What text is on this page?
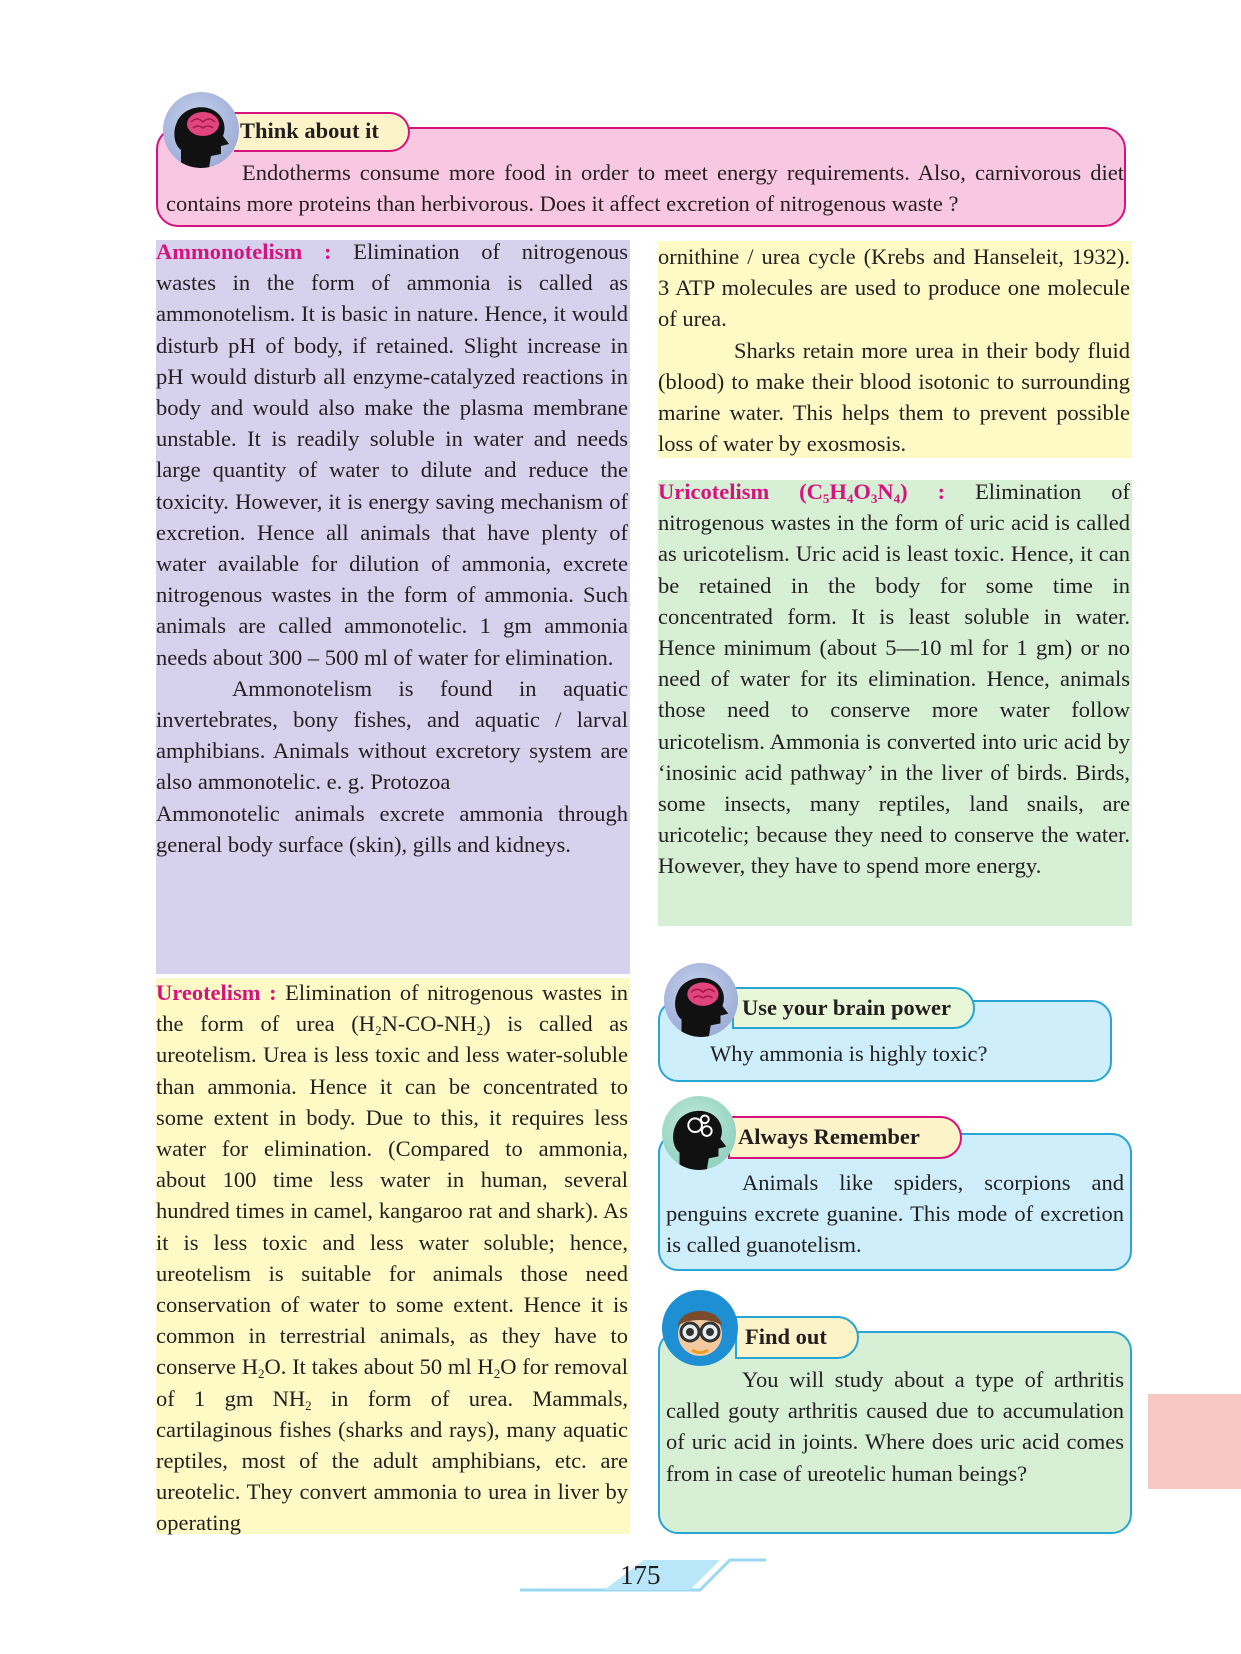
Think about it

Endotherms consume more food in order to meet energy requirements. Also, carnivorous diet contains more proteins than herbivorous. Does it affect excretion of nitrogenous waste ?

Ammonotelism : Elimination of nitrogenous wastes in the form of ammonia is called as ammonotelism. It is basic in nature. Hence, it would disturb pH of body, if retained. Slight increase in pH would disturb all enzyme-catalyzed reactions in body and would also make the plasma membrane unstable. It is readily soluble in water and needs large quantity of water to dilute and reduce the toxicity. However, it is energy saving mechanism of excretion. Hence all animals that have plenty of water available for dilution of ammonia, excrete nitrogenous wastes in the form of ammonia. Such animals are called ammonotelic. 1 gm ammonia needs about 300 – 500 ml of water for elimination.

Ammonotelism is found in aquatic invertebrates, bony fishes, and aquatic / larval amphibians. Animals without excretory system are also ammonotelic. e. g. Protozoa

Ammonotelic animals excrete ammonia through general body surface (skin), gills and kidneys.

Ureotelism : Elimination of nitrogenous wastes in the form of urea $(H_2N-CO-NH_2)$ is called as ureotelism. Urea is less toxic and less water-soluble than ammonia. Hence it can be concentrated to some extent in body. Due to this, it requires less water for elimination. (Compared to ammonia, about 100 time less water in human, several hundred times in camel, kangaroo rat and shark). As it is less toxic and less water soluble; hence, ureotelism is suitable for animals those need conservation of water to some extent. Hence it is common in terrestrial animals, as they have to conserve $H_2O$. It takes about 50 ml $H_2O$ for removal of 1 gm $NH_2$ in form of urea. Mammals, cartilaginous fishes (sharks and rays), many aquatic reptiles, most of the adult amphibians, etc. are ureotelic. They convert ammonia to urea in liver by operating

ornithine / urea cycle (Krebs and Hanseleit, 1932). 3 ATP molecules are used to produce one molecule of urea.

Sharks retain more urea in their body fluid (blood) to make their blood isotonic to surrounding marine water. This helps them to prevent possible loss of water by exosmosis.

Uricotelism $(C_5H_4O_3N_4)$ : Elimination of nitrogenous wastes in the form of uric acid is called as uricotelism. Uric acid is least toxic. Hence, it can be retained in the body for some time in concentrated form. It is least soluble in water. Hence minimum (about 5—10 ml for 1 gm) or no need of water for its elimination. Hence, animals those need to conserve more water follow uricotelism. Ammonia is converted into uric acid by ‘inosinic acid pathway’ in the liver of birds. Birds, some insects, many reptiles, land snails, are uricotelic; because they need to conserve the water. However, they have to spend more energy.

Use your brain power
Why ammonia is highly toxic?
Always Remember

Animals like spiders, scorpions and penguins excrete guanine. This mode of excretion is called guanotelism.

Find out

You will study about a type of arthritis called gouty arthritis caused due to accumulation of uric acid in joints. Where does uric acid comes from in case of ureotelic human beings?

175
